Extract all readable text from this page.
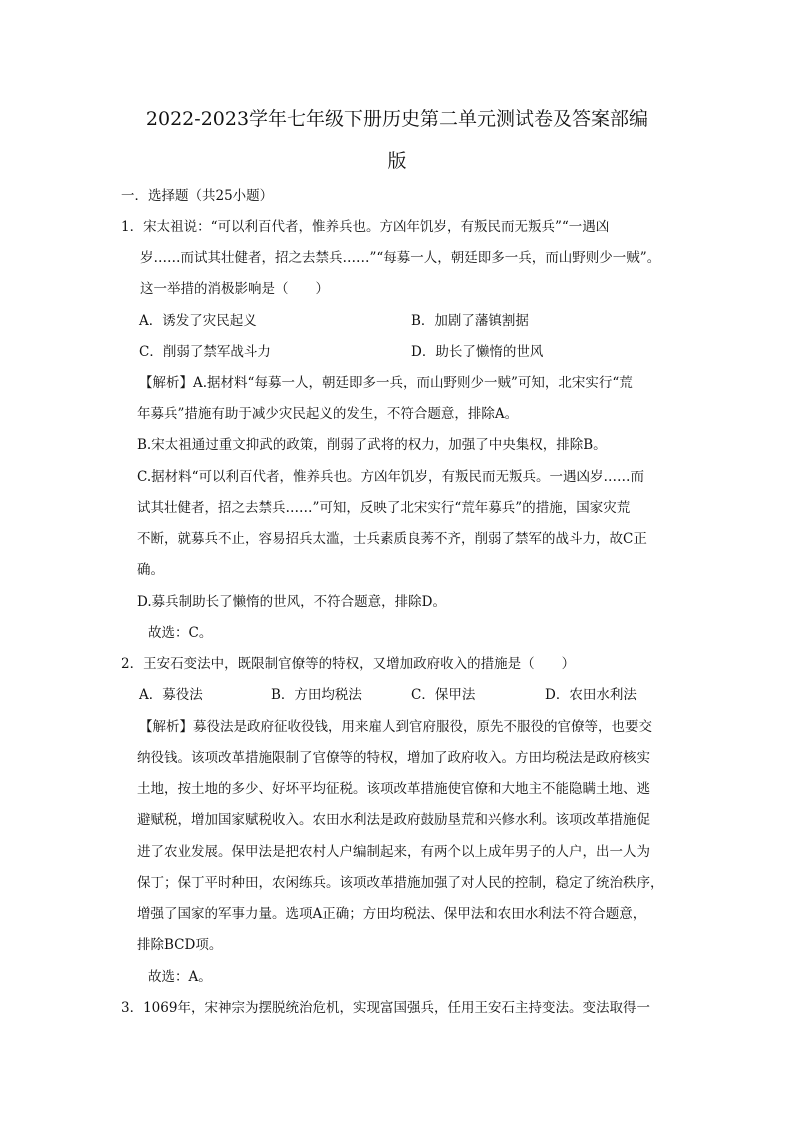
2022-2023学年七年级下册历史第二单元测试卷及答案部编
版
一．选择题（共25小题）
1．宋太祖说：“可以利百代者，惟养兵也。方凶年饥岁，有叛民而无叛兵”“一遇凶
岁……而试其壮健者，招之去禁兵……”“每募一人，朝廷即多一兵，而山野则少一贼”。
这一举措的消极影响是（　　）
A．诱发了灾民起义	B．加剧了藩镇割据
C．削弱了禁军战斗力	D．助长了懒惰的世风
【解析】A.据材料“每募一人，朝廷即多一兵，而山野则少一贼”可知，北宋实行“荒
年募兵”措施有助于减少灾民起义的发生，不符合题意，排除A。
B.宋太祖通过重文抑武的政策，削弱了武将的权力，加强了中央集权，排除B。
C.据材料“可以利百代者，惟养兵也。方凶年饥岁，有叛民而无叛兵。一遇凶岁……而
试其壮健者，招之去禁兵……”可知，反映了北宋实行“荒年募兵”的措施，国家灾荒
不断，就募兵不止，容易招兵太滥，士兵素质良莠不齐，削弱了禁军的战斗力，故C正
确。
D.募兵制助长了懒惰的世风，不符合题意，排除D。
故选：C。
2．王安石变法中，既限制官僚等的特权，又增加政府收入的措施是（　　）
A．募役法	B．方田均税法	C．保甲法	D．农田水利法
【解析】募役法是政府征收役钱，用来雇人到官府服役，原先不服役的官僚等，也要交
纳役钱。该项改革措施限制了官僚等的特权，增加了政府收入。方田均税法是政府核实
土地，按土地的多少、好坏平均征税。该项改革措施使官僚和大地主不能隐瞒土地、逃
避赋税，增加国家赋税收入。农田水利法是政府鼓励垦荒和兴修水利。该项改革措施促
进了农业发展。保甲法是把农村人户编制起来，有两个以上成年男子的人户，出一人为
保丁；保丁平时种田，农闲练兵。该项改革措施加强了对人民的控制，稳定了统治秩序，
增强了国家的军事力量。选项A正确；方田均税法、保甲法和农田水利法不符合题意，
排除BCD项。
故选：A。
3．1069年，宋神宗为摆脱统治危机，实现富国强兵，任用王安石主持变法。变法取得一
